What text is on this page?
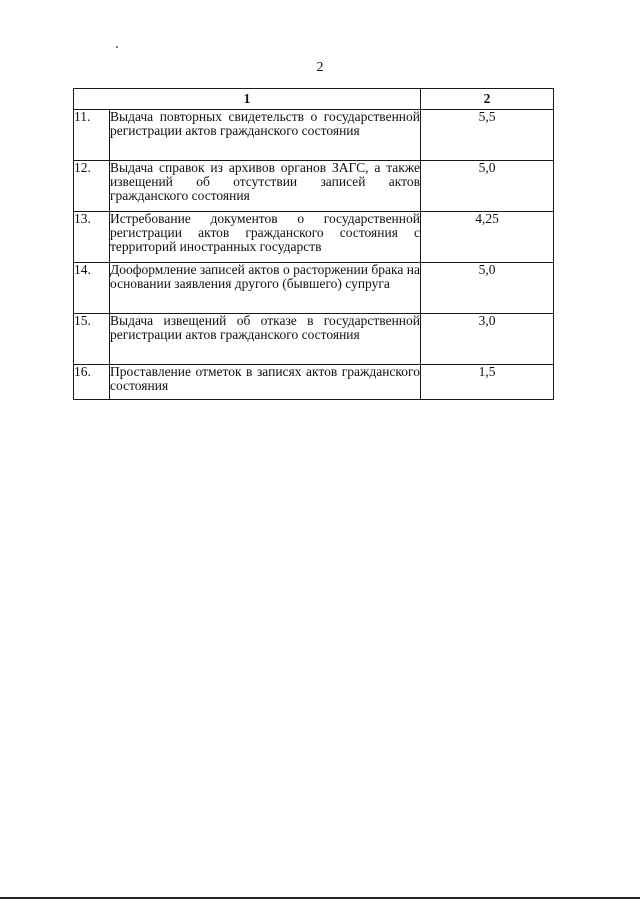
2
1		2
11.	Выдача повторных свидетельств о государственной регистрации актов гражданского состояния	5,5
12.	Выдача справок из архивов органов ЗАГС, а также извещений об отсутствии записей актов гражданского состояния	5,0
13.	Истребование документов о государственной регистрации актов гражданского состояния с территорий иностранных государств	4,25
14.	Дооформление записей актов о расторжении брака на основании заявления другого (бывшего) супруга	5,0
15.	Выдача извещений об отказе в государственной регистрации актов гражданского состояния	3,0
16.	Проставление отметок в записях актов гражданского состояния	1,5
